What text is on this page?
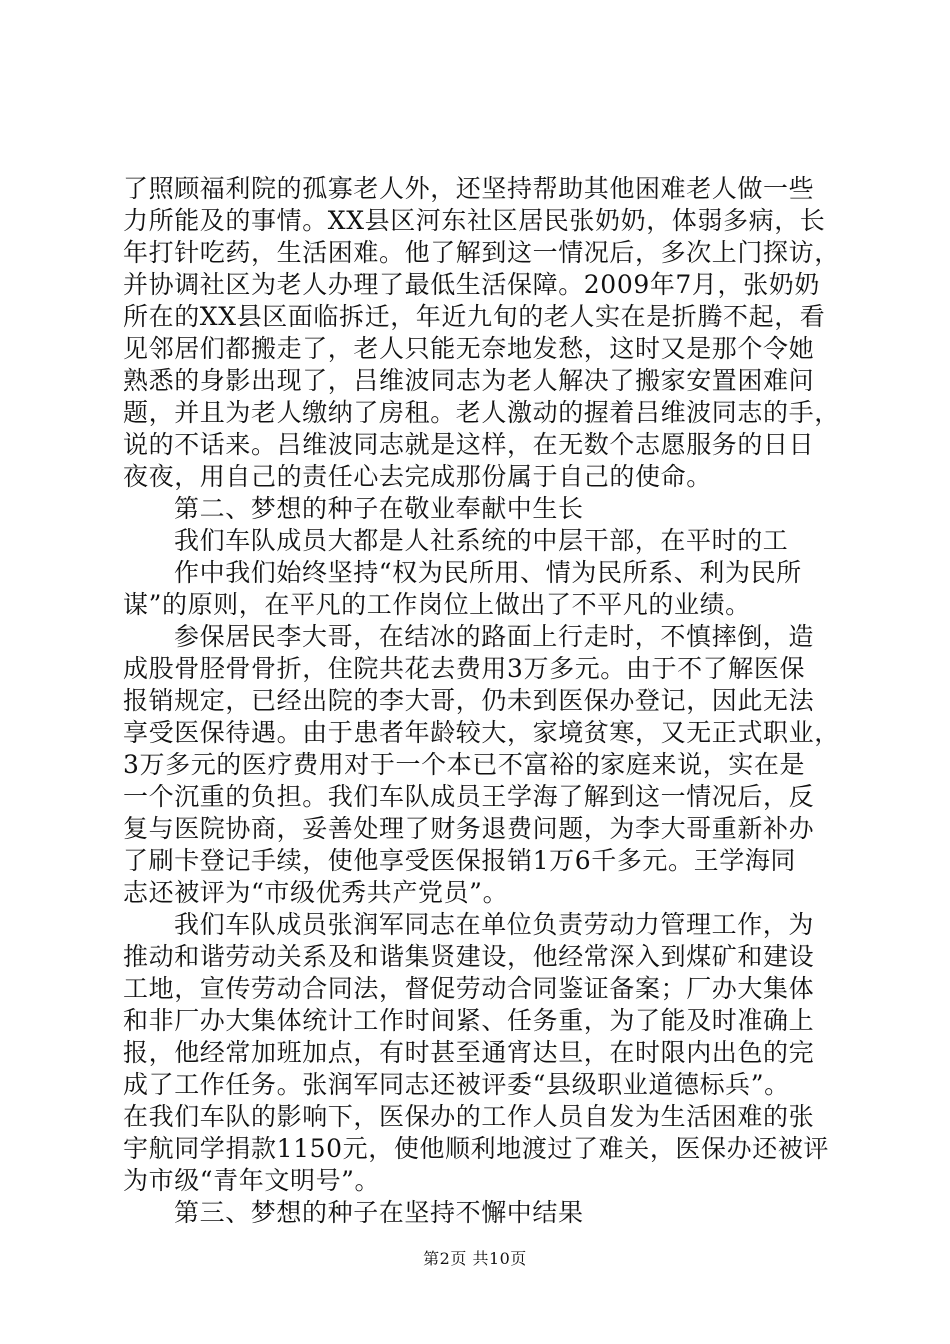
了照顾福利院的孤寡老人外，还坚持帮助其他困难老人做一些
力所能及的事情。XX县区河东社区居民张奶奶，体弱多病，长
年打针吃药，生活困难。他了解到这一情况后，多次上门探访，
并协调社区为老人办理了最低生活保障。2009年7月，张奶奶
所在的XX县区面临拆迁，年近九旬的老人实在是折腾不起，看
见邻居们都搬走了，老人只能无奈地发愁，这时又是那个令她
熟悉的身影出现了，吕维波同志为老人解决了搬家安置困难问
题，并且为老人缴纳了房租。老人激动的握着吕维波同志的手，
说的不话来。吕维波同志就是这样，在无数个志愿服务的日日
夜夜，用自己的责任心去完成那份属于自己的使命。
第二、梦想的种子在敬业奉献中生长
我们车队成员大都是人社系统的中层干部，在平时的工
作中我们始终坚持“权为民所用、情为民所系、利为民所
谋”的原则，在平凡的工作岗位上做出了不平凡的业绩。
参保居民李大哥，在结冰的路面上行走时，不慎摔倒，造
成股骨胫骨骨折，住院共花去费用3万多元。由于不了解医保
报销规定，已经出院的李大哥，仍未到医保办登记，因此无法
享受医保待遇。由于患者年龄较大，家境贫寒，又无正式职业，
3万多元的医疗费用对于一个本已不富裕的家庭来说，实在是
一个沉重的负担。我们车队成员王学海了解到这一情况后，反
复与医院协商，妥善处理了财务退费问题，为李大哥重新补办
了刷卡登记手续，使他享受医保报销1万6千多元。王学海同
志还被评为“市级优秀共产党员”。
我们车队成员张润军同志在单位负责劳动力管理工作，为
推动和谐劳动关系及和谐集贤建设，他经常深入到煤矿和建设
工地，宣传劳动合同法，督促劳动合同鉴证备案；厂办大集体
和非厂办大集体统计工作时间紧、任务重，为了能及时准确上
报，他经常加班加点，有时甚至通宵达旦，在时限内出色的完
成了工作任务。张润军同志还被评委“县级职业道德标兵”。
在我们车队的影响下，医保办的工作人员自发为生活困难的张
宇航同学捐款1150元，使他顺利地渡过了难关，医保办还被评
为市级“青年文明号”。
第三、梦想的种子在坚持不懈中结果
第2页 共10页
